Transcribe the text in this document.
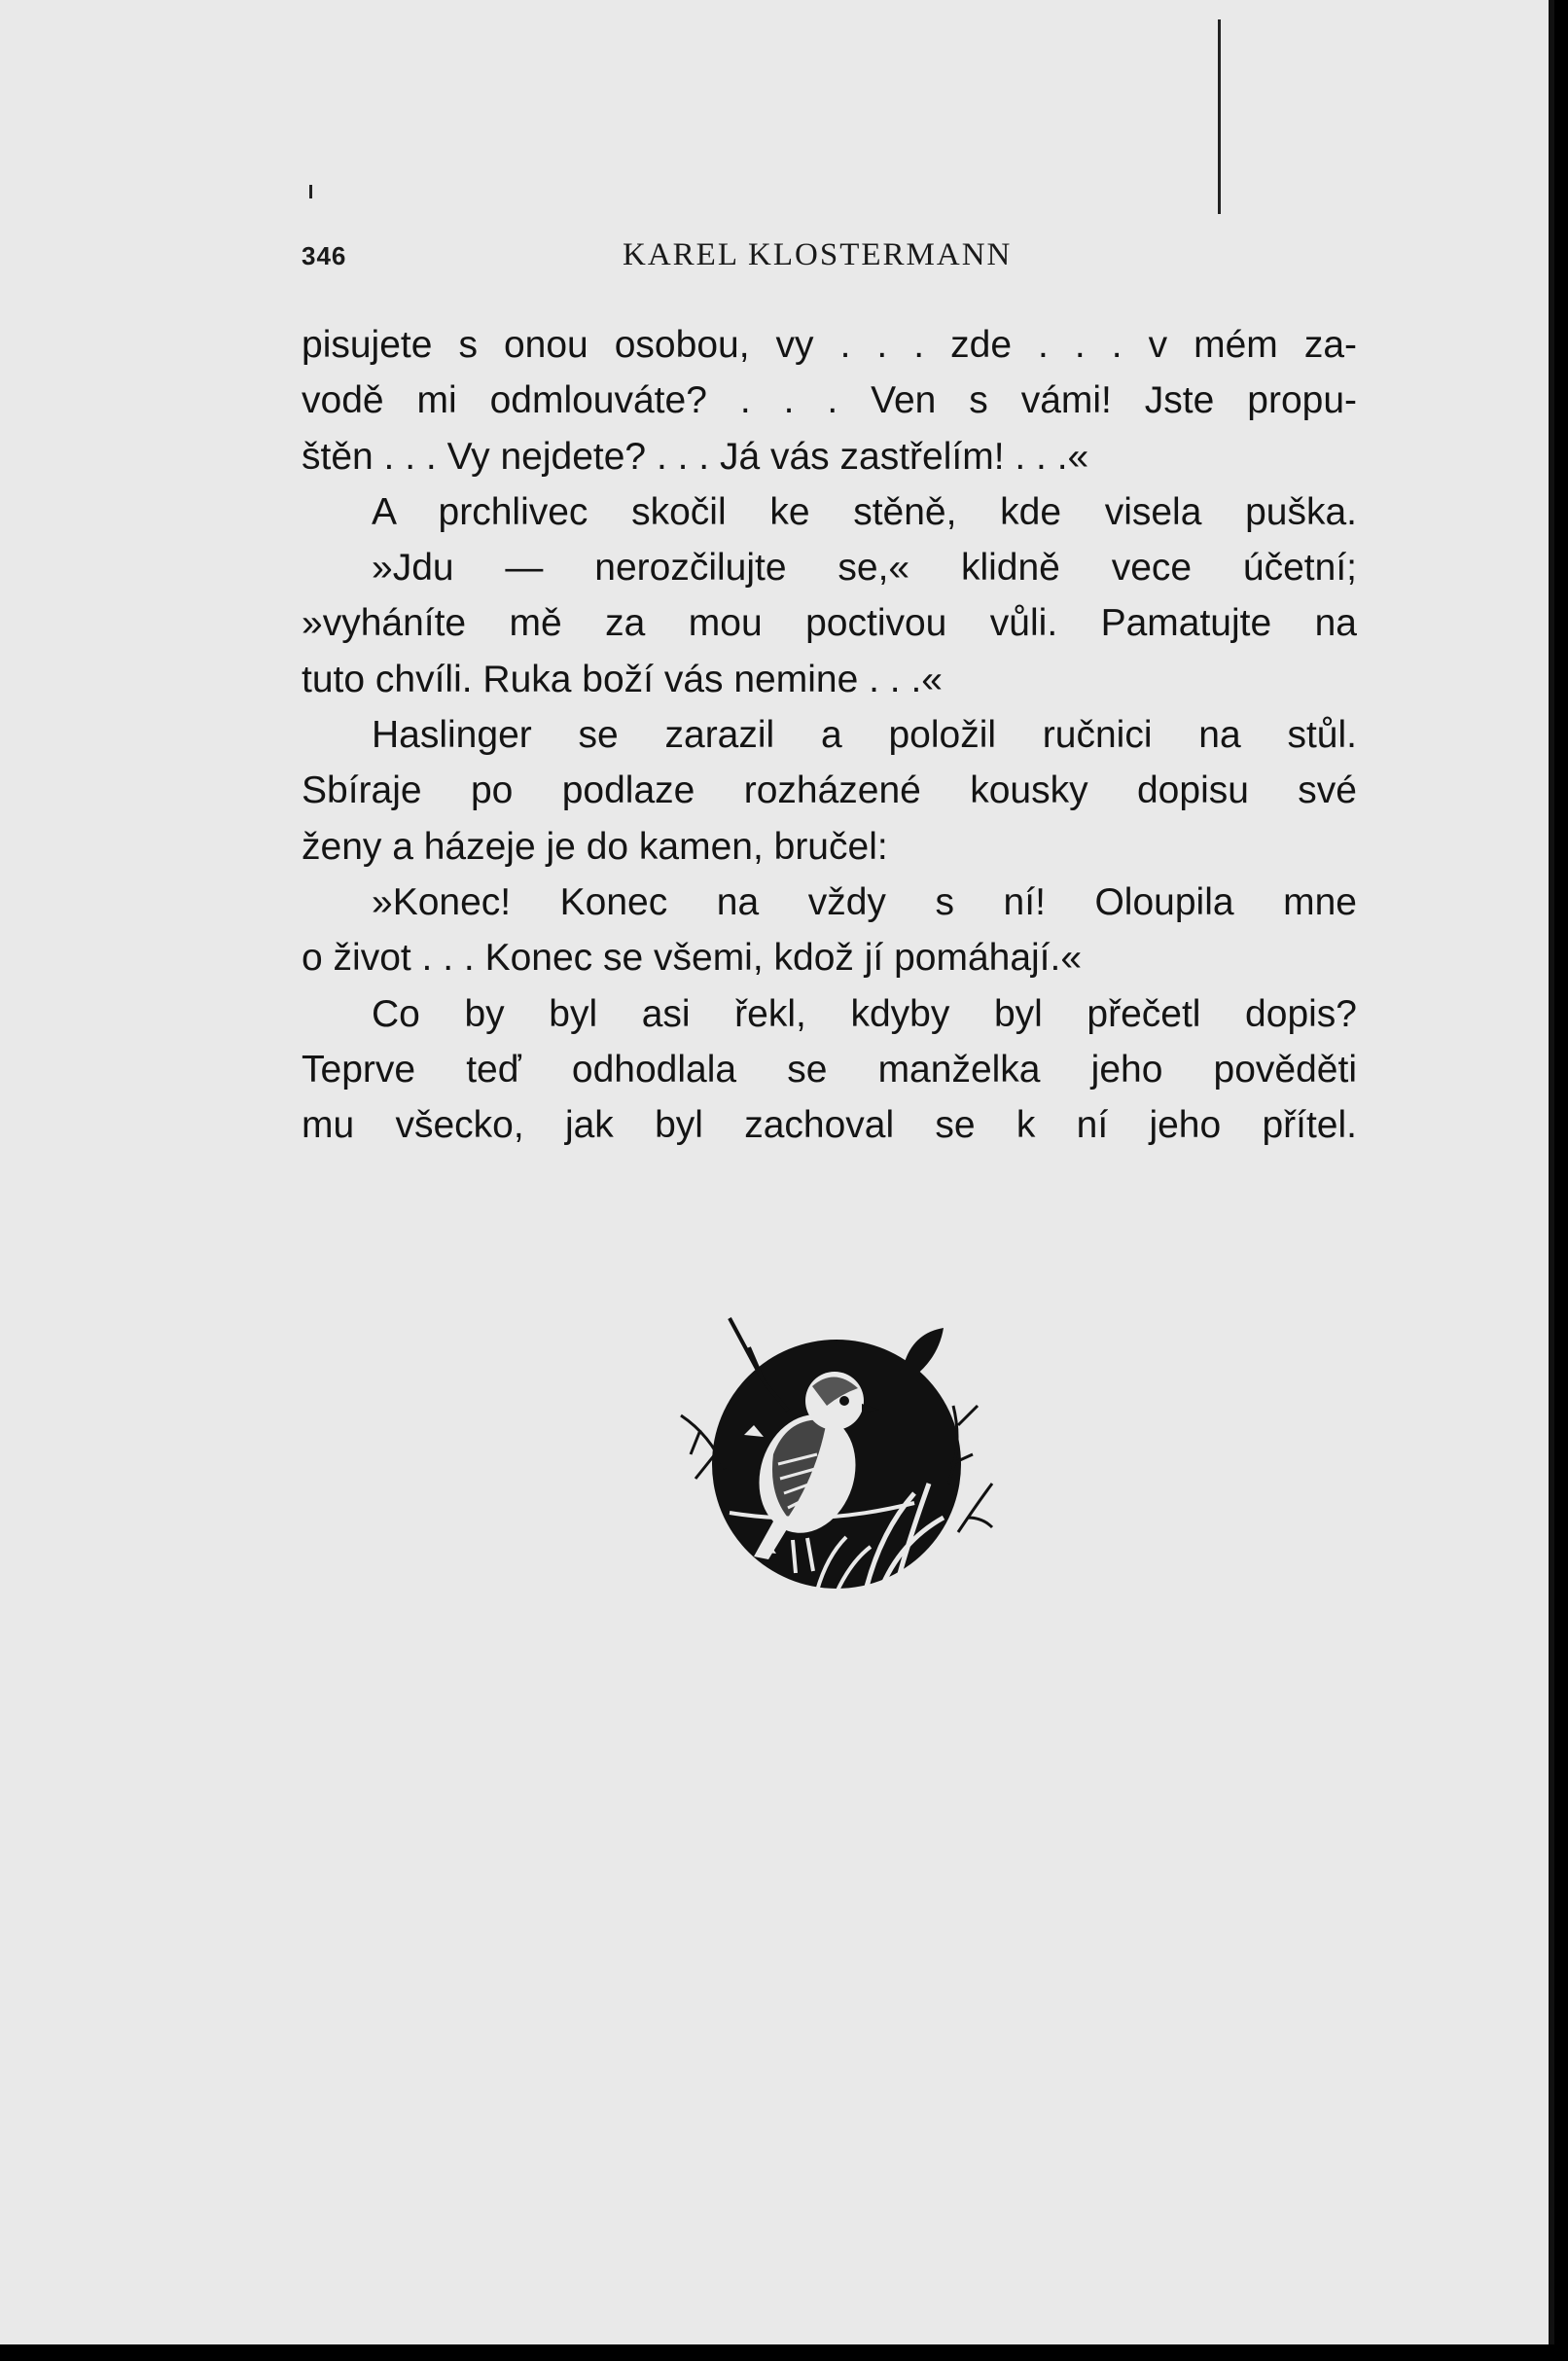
346	KAREL KLOSTERMANN
pisujete s onou osobou, vy . . . zde . . . v mém za-
vodě mi odmlouváte? . . . Ven s vámi! Jste propu-
štěn . . . Vy nejdete? . . . Já vás zastřelím! . . .«
A prchlivec skočil ke stěně, kde visela puška.
»Jdu — nerozčilujte se,« klidně vece účetní;
»vyháníte mě za mou poctivou vůli. Pamatujte na
tuto chvíli. Ruka boží vás nemine . . .«
Haslinger se zarazil a položil ručnici na stůl.
Sbíraje po podlaze rozházené kousky dopisu své
ženy a házeje je do kamen, bručel:
»Konec! Konec na vždy s ní! Oloupila mne
o život . . . Konec se všemi, kdož jí pomáhají.«
Co by byl asi řekl, kdyby byl přečetl dopis?
Teprve teď odhodlala se manželka jeho pověděti
mu všecko, jak byl zachoval se k ní jeho přítel.
